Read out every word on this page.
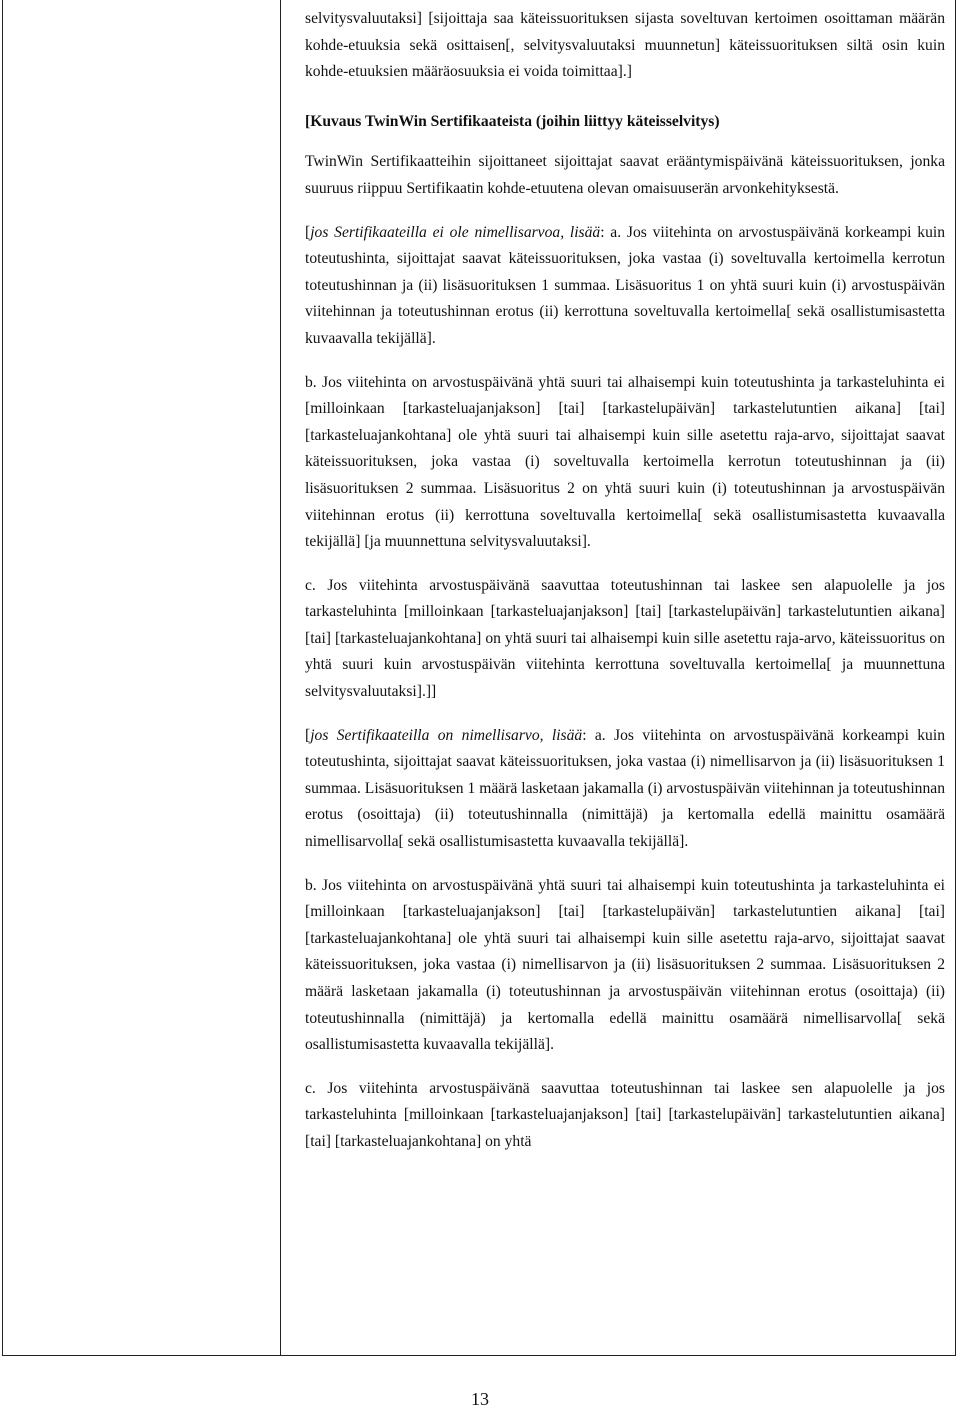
selvitysvaluutaksi] [sijoittaja saa käteissuorituksen sijasta soveltuvan kertoimen osoittaman määrän kohde-etuuksia sekä osittaisen[, selvitysvaluutaksi muunnetun] käteissuorituksen siltä osin kuin kohde-etuuksien määräosuuksia ei voida toimittaa].]

[Kuvaus TwinWin Sertifikaateista (joihin liittyy käteisselvitys)

TwinWin Sertifikaatteihin sijoittaneet sijoittajat saavat erääntymispäivänä käteissuorituksen, jonka suuruus riippuu Sertifikaatin kohde-etuutena olevan omaisuuserän arvonkehityksestä.

[jos Sertifikaateilla ei ole nimellisarvoa, lisää: a. Jos viitehinta on arvostuspäivänä korkeampi kuin toteutushinta, sijoittajat saavat käteissuorituksen, joka vastaa (i) soveltuvalla kertoimella kerrotun toteutushinnan ja (ii) lisäsuorituksen 1 summaa. Lisäsuoritus 1 on yhtä suuri kuin (i) arvostuspäivän viitehinnan ja toteutushinnan erotus (ii) kerrottuna soveltuvalla kertoimella[ sekä osallistumisastetta kuvaavalla tekijällä].

b. Jos viitehinta on arvostuspäivänä yhtä suuri tai alhaisempi kuin toteutushinta ja tarkasteluhinta ei [milloinkaan [tarkasteluajanjakson] [tai] [tarkastelupäivän] tarkastelutuntien aikana] [tai] [tarkasteluajankohtana] ole yhtä suuri tai alhaisempi kuin sille asetettu raja-arvo, sijoittajat saavat käteissuorituksen, joka vastaa (i) soveltuvalla kertoimella kerrotun toteutushinnan ja (ii) lisäsuorituksen 2 summaa. Lisäsuoritus 2 on yhtä suuri kuin (i) toteutushinnan ja arvostuspäivän viitehinnan erotus (ii) kerrottuna soveltuvalla kertoimella[ sekä osallistumisastetta kuvaavalla tekijällä] [ja muunnettuna selvitysvaluutaksi].

c. Jos viitehinta arvostuspäivänä saavuttaa toteutushinnan tai laskee sen alapuolelle ja jos tarkasteluhinta [milloinkaan [tarkasteluajanjakson] [tai] [tarkastelupäivän] tarkastelutuntien aikana] [tai] [tarkasteluajankohtana] on yhtä suuri tai alhaisempi kuin sille asetettu raja-arvo, käteissuoritus on yhtä suuri kuin arvostuspäivän viitehinta kerrottuna soveltuvalla kertoimella[ ja muunnettuna selvitysvaluutaksi].]]

[jos Sertifikaateilla on nimellisarvo, lisää: a. Jos viitehinta on arvostuspäivänä korkeampi kuin toteutushinta, sijoittajat saavat käteissuorituksen, joka vastaa (i) nimellisarvon ja (ii) lisäsuorituksen 1 summaa. Lisäsuorituksen 1 määrä lasketaan jakamalla (i) arvostuspäivän viitehinnan ja toteutushinnan erotus (osoittaja) (ii) toteutushinnalla (nimittäjä) ja kertomalla edellä mainittu osamäärä nimellisarvolla[ sekä osallistumisastetta kuvaavalla tekijällä].

b. Jos viitehinta on arvostuspäivänä yhtä suuri tai alhaisempi kuin toteutushinta ja tarkasteluhinta ei [milloinkaan [tarkasteluajanjakson] [tai] [tarkastelupäivän] tarkastelutuntien aikana] [tai] [tarkasteluajankohtana] ole yhtä suuri tai alhaisempi kuin sille asetettu raja-arvo, sijoittajat saavat käteissuorituksen, joka vastaa (i) nimellisarvon ja (ii) lisäsuorituksen 2 summaa. Lisäsuorituksen 2 määrä lasketaan jakamalla (i) toteutushinnan ja arvostuspäivän viitehinnan erotus (osoittaja) (ii) toteutushinnalla (nimittäjä) ja kertomalla edellä mainittu osamäärä nimellisarvolla[ sekä osallistumisastetta kuvaavalla tekijällä].

c. Jos viitehinta arvostuspäivänä saavuttaa toteutushinnan tai laskee sen alapuolelle ja jos tarkasteluhinta [milloinkaan [tarkasteluajanjakson] [tai] [tarkastelupäivän] tarkastelutuntien aikana] [tai] [tarkasteluajankohtana] on yhtä

13
